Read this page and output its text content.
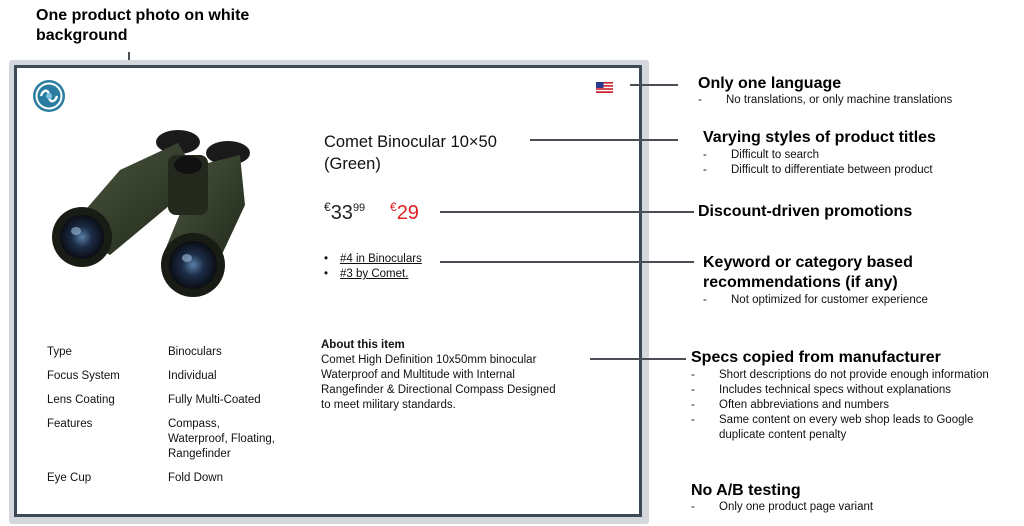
One product photo on white background
Comet Binocular 10×50
(Green)
$^€33^{99}$ €29
• #4 in Binoculars
• #3 by Comet.
About this item
Comet High Definition 10x50mm binocular
Waterproof and Multitude with Internal
Rangefinder & Directional Compass Designed
to meet military standards.
Type	Binoculars
Focus System	Individual
Lens Coating	Fully Multi-Coated
Features	Compass,
Waterproof, Floating,
Rangefinder
Eye Cup	Fold Down
Only one language
- No translations, or only machine translations
Varying styles of product titles
- Difficult to search
- Difficult to differentiate between product
Discount-driven promotions
Keyword or category based
recommendations (if any)
- Not optimized for customer experience
Specs copied from manufacturer
- Short descriptions do not provide enough information
- Includes technical specs without explanations
- Often abbreviations and numbers
- Same content on every web shop leads to Google duplicate content penalty
No A/B testing
- Only one product page variant
